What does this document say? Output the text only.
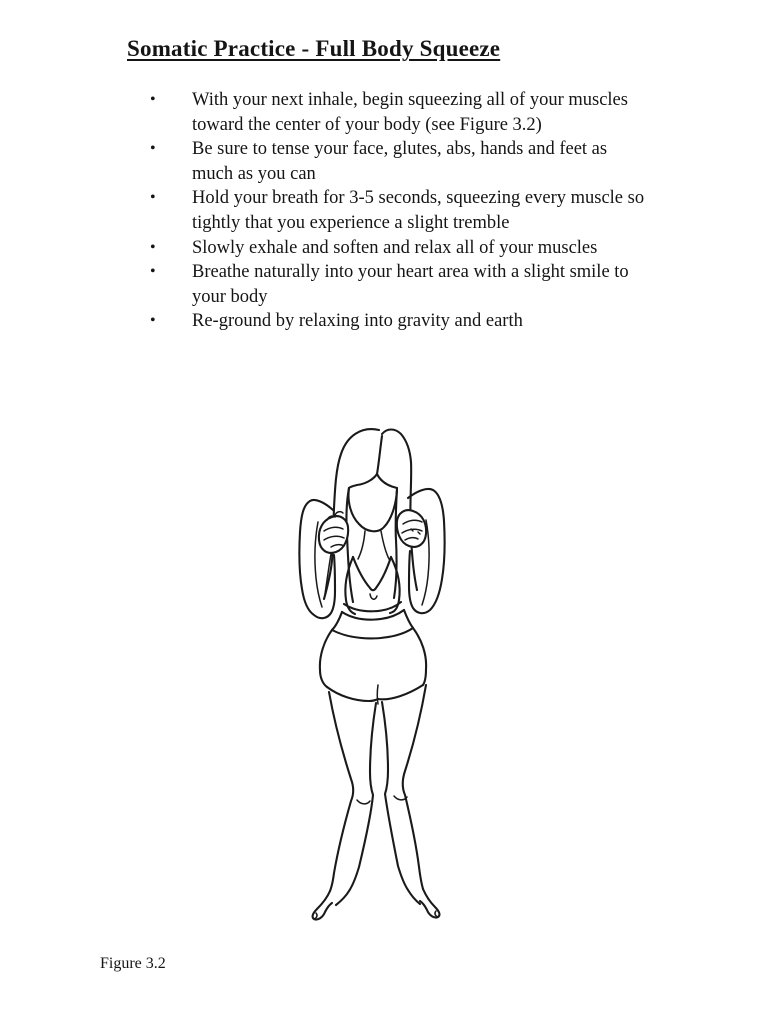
Somatic Practice - Full Body Squeeze
•	With your next inhale, begin squeezing all of your muscles toward the center of your body (see Figure 3.2)
•	Be sure to tense your face, glutes, abs, hands and feet as much as you can
•	Hold your breath for 3-5 seconds, squeezing every muscle so tightly that you experience a slight tremble
•	Slowly exhale and soften and relax all of your muscles
•	Breathe naturally into your heart area with a slight smile to your body
•	Re-ground by relaxing into gravity and earth
Figure 3.2
